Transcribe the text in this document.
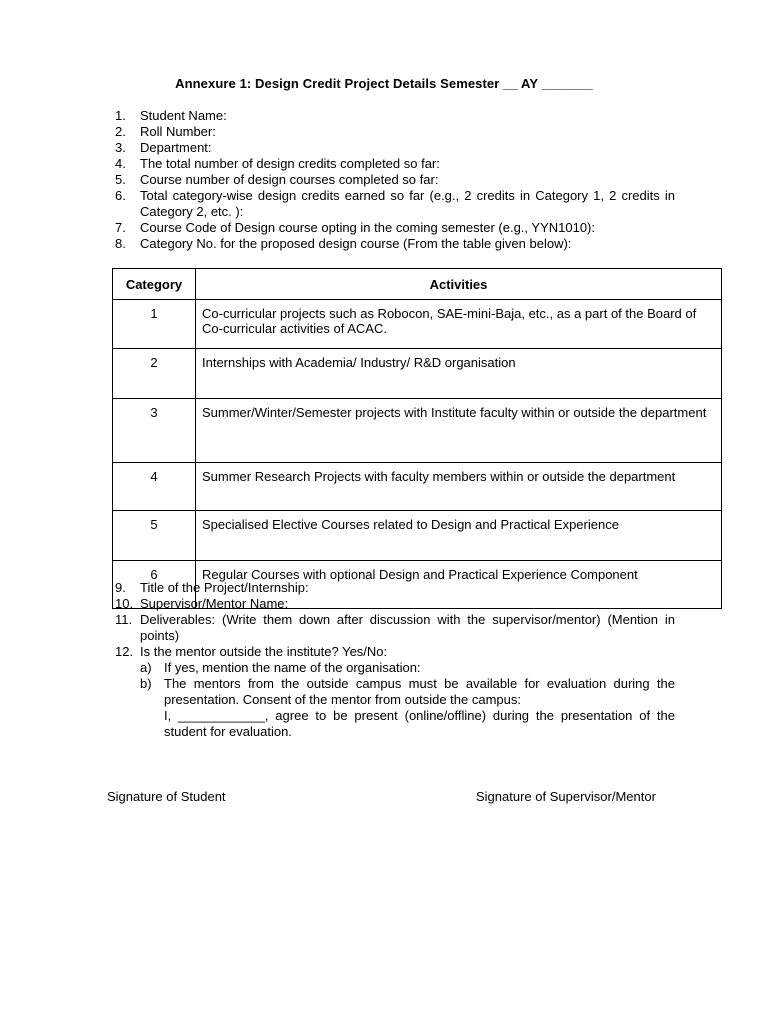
Annexure 1: Design Credit Project Details Semester __ AY _______
1. Student Name:
2. Roll Number:
3. Department:
4. The total number of design credits completed so far:
5. Course number of design courses completed so far:
6. Total category-wise design credits earned so far (e.g., 2 credits in Category 1, 2 credits in Category 2, etc. ):
7. Course Code of Design course opting in the coming semester (e.g., YYN1010):
8. Category No. for the proposed design course (From the table given below):
Category	Activities
1	Co-curricular projects such as Robocon, SAE-mini-Baja, etc., as a part of the Board of Co-curricular activities of ACAC.
2	Internships with Academia/ Industry/ R&D organisation
3	Summer/Winter/Semester projects with Institute faculty within or outside the department
4	Summer Research Projects with faculty members within or outside the department
5	Specialised Elective Courses related to Design and Practical Experience
6	Regular Courses with optional Design and Practical Experience Component
9. Title of the Project/Internship:
10. Supervisor/Mentor Name:
11. Deliverables: (Write them down after discussion with the supervisor/mentor) (Mention in points)
12. Is the mentor outside the institute? Yes/No:
a) If yes, mention the name of the organisation:
b) The mentors from the outside campus must be available for evaluation during the presentation. Consent of the mentor from outside the campus:
I, ____________, agree to be present (online/offline) during the presentation of the student for evaluation.
Signature of Student	Signature of Supervisor/Mentor
